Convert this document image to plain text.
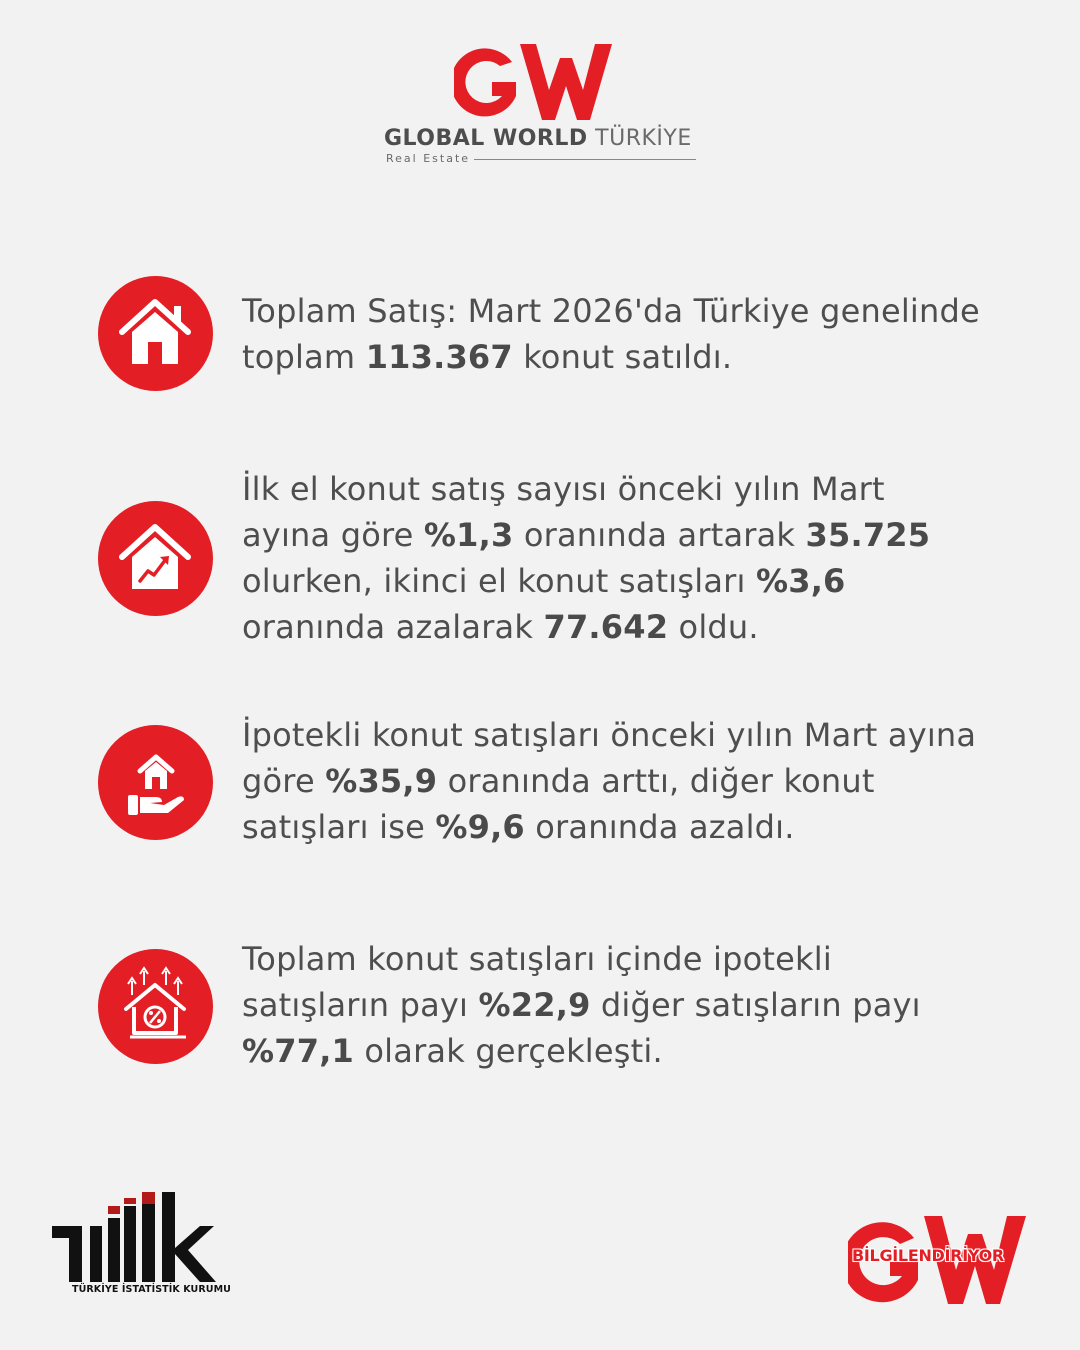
GLOBAL WORLD TÜRKİYE
Real Estate
Toplam Satış: Mart 2026'da Türkiye genelinde toplam 113.367 konut satıldı.
İlk el konut satış sayısı önceki yılın Mart ayına göre %1,3 oranında artarak 35.725 olurken, ikinci el konut satışları %3,6 oranında azalarak 77.642 oldu.
İpotekli konut satışları önceki yılın Mart ayına göre %35,9 oranında arttı, diğer konut satışları ise %9,6 oranında azaldı.
Toplam konut satışları içinde ipotekli satışların payı %22,9 diğer satışların payı %77,1 olarak gerçekleşti.
TÜRKİYE İSTATİSTİK KURUMU
BİLGİLENDİRİYOR
